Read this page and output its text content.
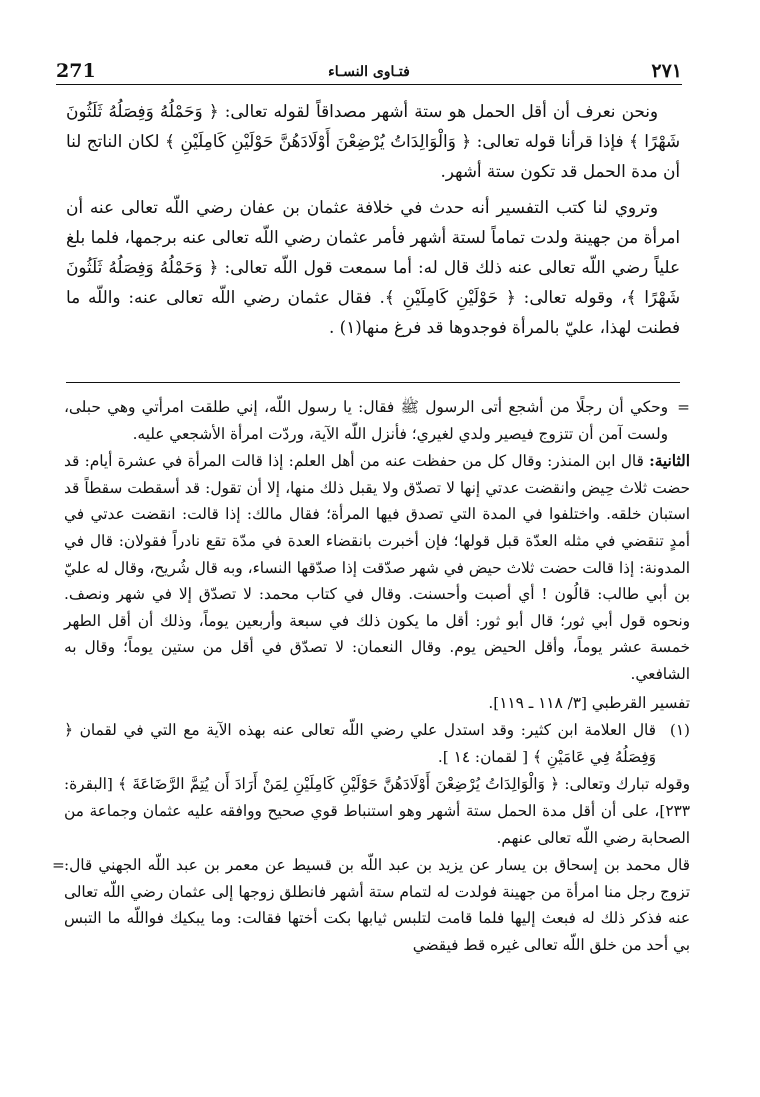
271	فتـاوى النسـاء	٢٧١

ونحن نعرف أن أقل الحمل هو ستة أشهر مصداقاً لقوله تعالى: ﴿ وَحَمْلُهُ وَفِصَلُهُ ثَلَثُونَ شَهْرًا ﴾ فإذا قرأنا قوله تعالى: ﴿ وَالْوَالِدَاتُ يُرْضِعْنَ أَوْلَادَهُنَّ حَوْلَيْنِ كَامِلَيْنِ ﴾ لكان الناتج لنا أن مدة الحمل قد تكون ستة أشهر.

وتروي لنا كتب التفسير أنه حدث في خلافة عثمان بن عفان رضي اللّه تعالى عنه أن امرأة من جهينة ولدت تماماً لستة أشهر فأمر عثمان رضي اللّه تعالى عنه برجمها، فلما بلغ علياً رضي اللّه تعالى عنه ذلك قال له: أما سمعت قول اللّه تعالى: ﴿ وَحَمْلُهُ وَفِصَلُهُ ثَلَثُونَ شَهْرًا ﴾، وقوله تعالى: ﴿ حَوْلَيْنِ كَامِلَيْنِ ﴾. فقال عثمان رضي اللّه تعالى عنه: واللّه ما فطنت لهذا، عليّ بالمرأة فوجدوها قد فرغ منها(١) .

=
وحكي أن رجلًا من أشجع أتى الرسول ﷺ فقال: يا رسول اللّه، إني طلقت امرأتي وهي حبلى، ولست آمن أن تتزوج فيصير ولدي لغيري؛ فأنزل اللّه الآية، وردّت امرأة الأشجعي عليه.

الثانية: قال ابن المنذر: وقال كل من حفظت عنه من أهل العلم: إذا قالت المرأة في عشرة أيام: قد حضت ثلاث حِيض وانقضت عدتي إنها لا تصدّق ولا يقبل ذلك منها، إلا أن تقول: قد أسقطت سقطاً قد استبان خلقه. واختلفوا في المدة التي تصدق فيها المرأة؛ فقال مالك: إذا قالت: انقضت عدتي في أمدٍ تنقضي في مثله العدّة قبل قولها؛ فإن أخبرت بانقضاء العدة في مدّة تقع نادراً فقولان: قال في المدونة: إذا قالت حضت ثلاث حيض في شهر صدّقت إذا صدّقها النساء، وبه قال شُريح، وقال له عليّ بن أبي طالب: قالُون ! أي أصبت وأحسنت. وقال في كتاب محمد: لا تصدّق إلا في شهر ونصف. ونحوه قول أبي ثور؛ قال أبو ثور: أقل ما يكون ذلك في سبعة وأربعين يوماً، وذلك أن أقل الطهر خمسة عشر يوماً، وأقل الحيض يوم. وقال النعمان: لا تصدّق في أقل من ستين يوماً؛ وقال به الشافعي.

تفسير القرطبي [٣/ ١١٨ ـ ١١٩].

(١)
قال العلامة ابن كثير: وقد استدل علي رضي اللّه تعالى عنه بهذه الآية مع التي في لقمان ﴿ وَفِصَلُهُ فِي عَامَيْنِ ﴾ [ لقمان: ١٤ ].

وقوله تبارك وتعالى: ﴿ وَالْوَالِدَاتُ يُرْضِعْنَ أَوْلَادَهُنَّ حَوْلَيْنِ كَامِلَيْنِ لِمَنْ أَرَادَ أَن يُتِمَّ الرَّضَاعَةَ ﴾ [البقرة: ٢٣٣]، على أن أقل مدة الحمل ستة أشهر وهو استنباط قوي صحيح ووافقه عليه عثمان وجماعة من الصحابة رضي اللّه تعالى عنهم.

قال محمد بن إسحاق بن يسار عن يزيد بن عبد اللّه بن قسيط عن معمر بن عبد اللّه الجهني قال: تزوج رجل منا امرأة من جهينة فولدت له لتمام ستة أشهر فانطلق زوجها إلى عثمان رضي اللّه تعالى عنه فذكر ذلك له فبعث إليها فلما قامت لتلبس ثيابها بكت أختها فقالت: وما يبكيك فواللّه ما التبس بي أحد من خلق اللّه تعالى غيره قط فيقضي
=
